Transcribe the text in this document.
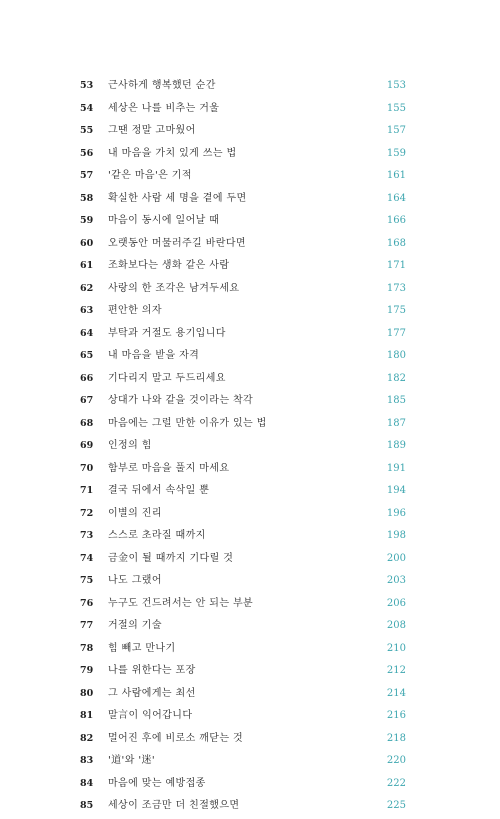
53	근사하게 행복했던 순간	153
54	세상은 나를 비추는 거울	155
55	그땐 정말 고마웠어	157
56	내 마음을 가치 있게 쓰는 법	159
57	'같은 마음'은 기적	161
58	확실한 사람 세 명을 곁에 두면	164
59	마음이 동시에 일어날 때	166
60	오랫동안 머물러주길 바란다면	168
61	조화보다는 생화 같은 사람	171
62	사랑의 한 조각은 남겨두세요	173
63	편안한 의자	175
64	부탁과 거절도 용기입니다	177
65	내 마음을 받을 자격	180
66	기다리지 말고 두드리세요	182
67	상대가 나와 같을 것이라는 착각	185
68	마음에는 그럴 만한 이유가 있는 법	187
69	인정의 힘	189
70	함부로 마음을 풀지 마세요	191
71	결국 뒤에서 속삭일 뿐	194
72	이별의 진리	196
73	스스로 초라질 때까지	198
74	금金이 될 때까지 기다릴 것	200
75	나도 그랬어	203
76	누구도 건드려서는 안 되는 부분	206
77	거절의 기술	208
78	힘 빼고 만나기	210
79	나를 위한다는 포장	212
80	그 사람에게는 최선	214
81	말言이 익어갑니다	216
82	멀어진 후에 비로소 깨닫는 것	218
83	'道'와 '迷'	220
84	마음에 맞는 예방접종	222
85	세상이 조금만 더 친절했으면	225
